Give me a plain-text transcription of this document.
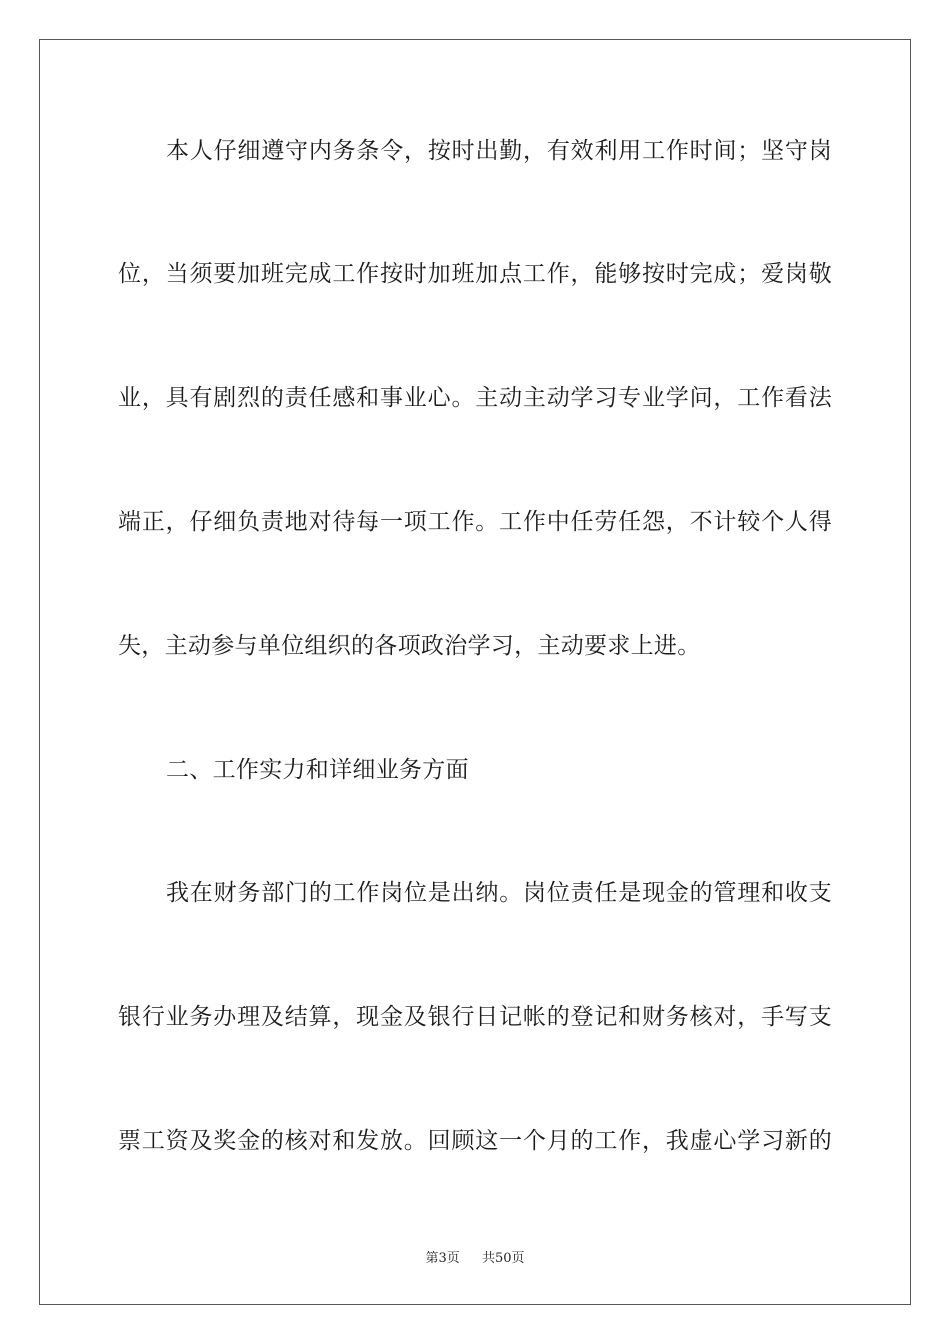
本人仔细遵守内务条令，按时出勤，有效利用工作时间；坚守岗
位，当须要加班完成工作按时加班加点工作，能够按时完成；爱岗敬
业，具有剧烈的责任感和事业心。主动主动学习专业学问，工作看法
端正，仔细负责地对待每一项工作。工作中任劳任怨，不计较个人得
失，主动参与单位组织的各项政治学习，主动要求上进。
二、工作实力和详细业务方面
我在财务部门的工作岗位是出纳。岗位责任是现金的管理和收支
银行业务办理及结算，现金及银行日记帐的登记和财务核对，手写支
票工资及奖金的核对和发放。回顾这一个月的工作，我虚心学习新的
第3页 共50页
